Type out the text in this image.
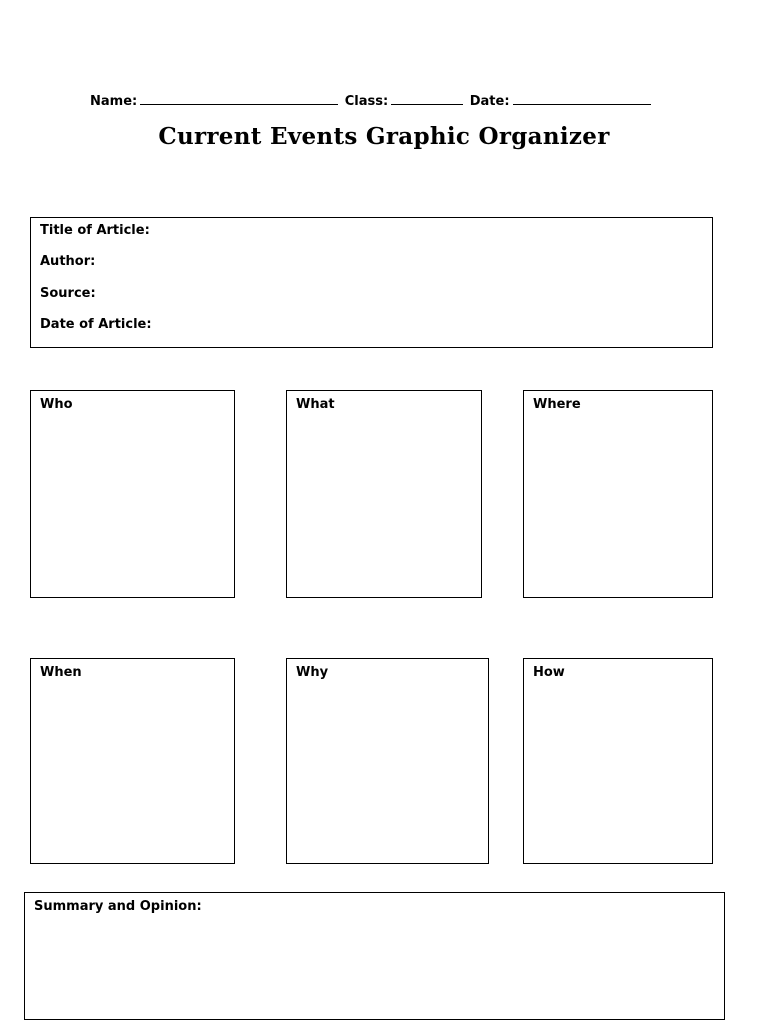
Name:	Class:	Date:
Current Events Graphic Organizer
Title of Article:
Author:
Source:
Date of Article:
Who	What	Where
When	Why	How
Summary and Opinion:
